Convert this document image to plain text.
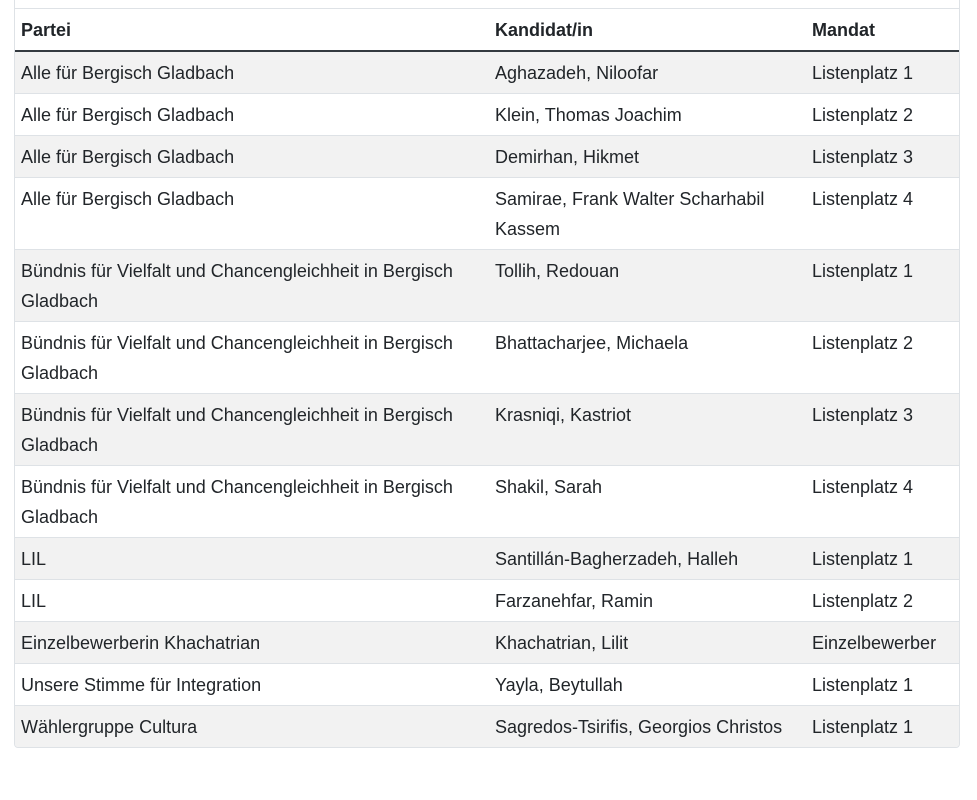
Partei	Kandidat/in	Mandat
Alle für Bergisch Gladbach	Aghazadeh, Niloofar	Listenplatz 1
Alle für Bergisch Gladbach	Klein, Thomas Joachim	Listenplatz 2
Alle für Bergisch Gladbach	Demirhan, Hikmet	Listenplatz 3
Alle für Bergisch Gladbach	Samirae, Frank Walter Scharhabil Kassem	Listenplatz 4
Bündnis für Vielfalt und Chancengleichheit in Bergisch Gladbach	Tollih, Redouan	Listenplatz 1
Bündnis für Vielfalt und Chancengleichheit in Bergisch Gladbach	Bhattacharjee, Michaela	Listenplatz 2
Bündnis für Vielfalt und Chancengleichheit in Bergisch Gladbach	Krasniqi, Kastriot	Listenplatz 3
Bündnis für Vielfalt und Chancengleichheit in Bergisch Gladbach	Shakil, Sarah	Listenplatz 4
LIL	Santillán-Bagherzadeh, Halleh	Listenplatz 1
LIL	Farzanehfar, Ramin	Listenplatz 2
Einzelbewerberin Khachatrian	Khachatrian, Lilit	Einzelbewerber
Unsere Stimme für Integration	Yayla, Beytullah	Listenplatz 1
Wählergruppe Cultura	Sagredos-Tsirifis, Georgios Christos	Listenplatz 1
